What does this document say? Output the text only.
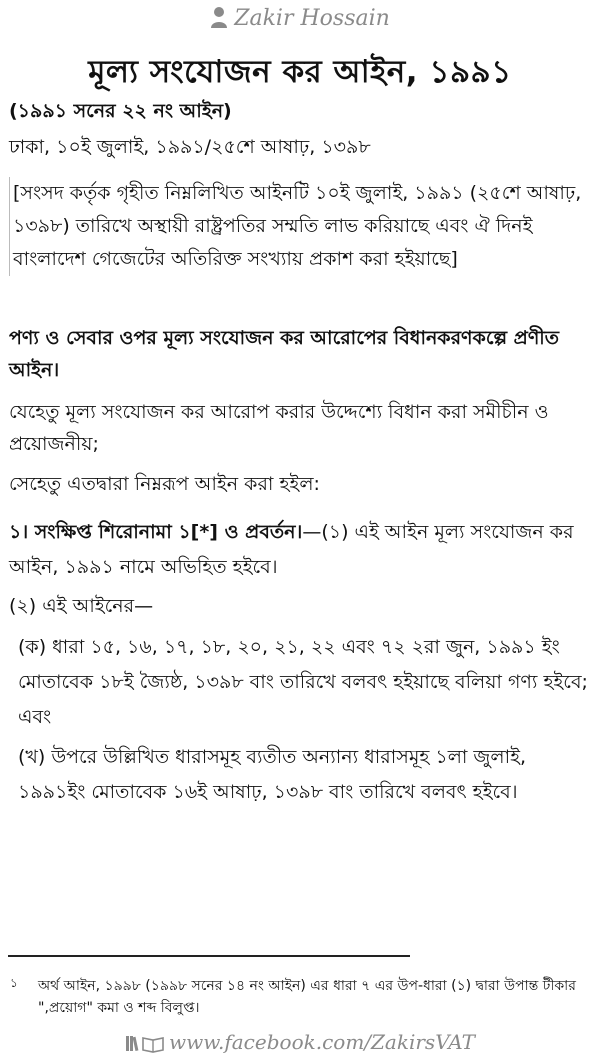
Zakir Hossain
মূল্য সংযোজন কর আইন, ১৯৯১
(১৯৯১ সনের ২২ নং আইন)
ঢাকা, ১০ই জুলাই, ১৯৯১/২৫শে আষাঢ়, ১৩৯৮
[সংসদ কর্তৃক গৃহীত নিম্নলিখিত আইনটি ১০ই জুলাই, ১৯৯১ (২৫শে আষাঢ়, ১৩৯৮) তারিখে অস্থায়ী রাষ্ট্রপতির সম্মতি লাভ করিয়াছে এবং ঐ দিনই বাংলাদেশ গেজেটের অতিরিক্ত সংখ্যায় প্রকাশ করা হইয়াছে]
পণ্য ও সেবার ওপর মূল্য সংযোজন কর আরোপের বিধানকরণকল্পে প্রণীত আইন।
যেহেতু মূল্য সংযোজন কর আরোপ করার উদ্দেশ্যে বিধান করা সমীচীন ও প্রয়োজনীয়;
সেহেতু এতদ্বারা নিম্নরূপ আইন করা হইল:
১। সংক্ষিপ্ত শিরোনামা ১[*] ও প্রবর্তন।—(১) এই আইন মূল্য সংযোজন কর আইন, ১৯৯১ নামে অভিহিত হইবে।
(২) এই আইনের—
(ক) ধারা ১৫, ১৬, ১৭, ১৮, ২০, ২১, ২২ এবং ৭২ ২রা জুন, ১৯৯১ ইং মোতাবেক ১৮ই জ্যৈষ্ঠ, ১৩৯৮ বাং তারিখে বলবৎ হইয়াছে বলিয়া গণ্য হইবে; এবং
(খ) উপরে উল্লিখিত ধারাসমূহ ব্যতীত অন্যান্য ধারাসমূহ ১লা জুলাই, ১৯৯১ইং মোতাবেক ১৬ই আষাঢ়, ১৩৯৮ বাং তারিখে বলবৎ হইবে।
১ অর্থ আইন, ১৯৯৮ (১৯৯৮ সনের ১৪ নং আইন) এর ধারা ৭ এর উপ-ধারা (১) দ্বারা উপান্ত টীকার ",প্রয়োগ" কমা ও শব্দ বিলুপ্ত।
www.facebook.com/ZakirsVAT
